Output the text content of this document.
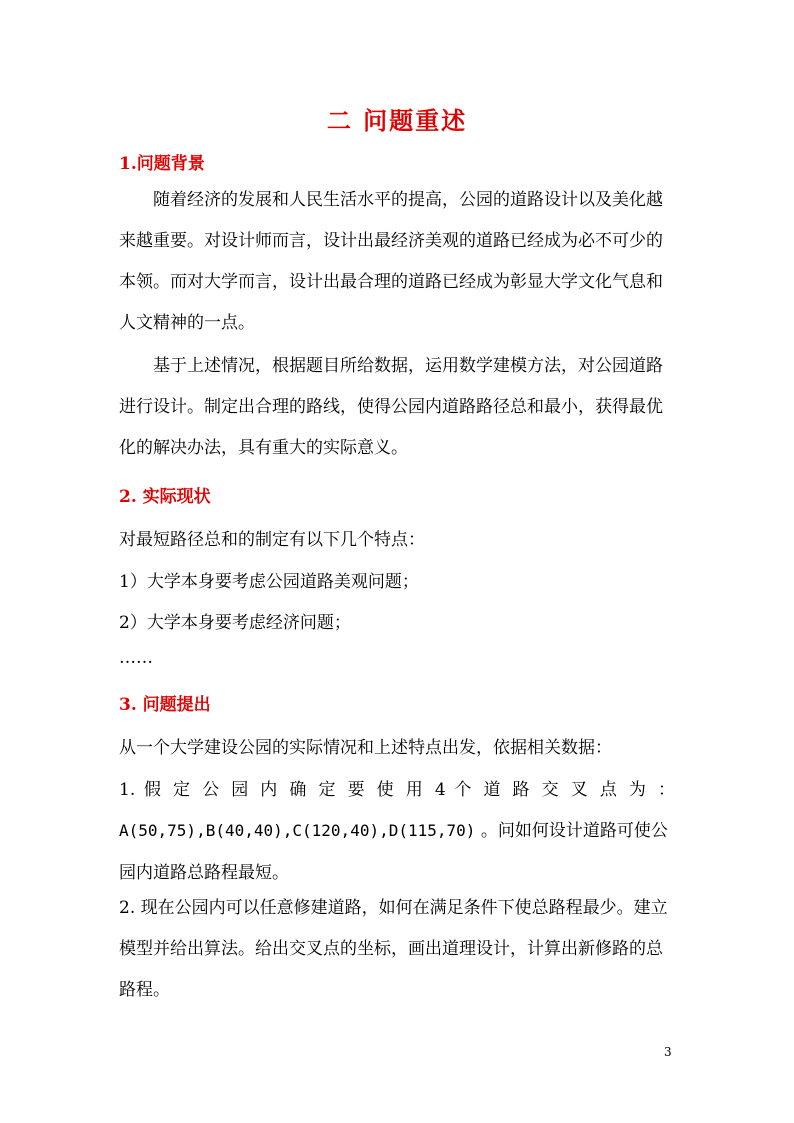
二 问题重述
1.问题背景
随着经济的发展和人民生活水平的提高，公园的道路设计以及美化越来越重要。对设计师而言，设计出最经济美观的道路已经成为必不可少的本领。而对大学而言，设计出最合理的道路已经成为彰显大学文化气息和人文精神的一点。
基于上述情况，根据题目所给数据，运用数学建模方法，对公园道路进行设计。制定出合理的路线，使得公园内道路路径总和最小，获得最优化的解决办法，具有重大的实际意义。
2. 实际现状
对最短路径总和的制定有以下几个特点：
1）大学本身要考虑公园道路美观问题；
2）大学本身要考虑经济问题；
……
3. 问题提出
从一个大学建设公园的实际情况和上述特点出发，依据相关数据：
1. 假 定 公 园 内 确 定 要 使 用 4 个 道 路 交 叉 点 为 ：
A(50,75),B(40,40),C(120,40),D(115,70) 。问如何设计道路可使公
园内道路总路程最短。
2. 现在公园内可以任意修建道路，如何在满足条件下使总路程最少。建立模型并给出算法。给出交叉点的坐标，画出道理设计，计算出新修路的总路程。
3
